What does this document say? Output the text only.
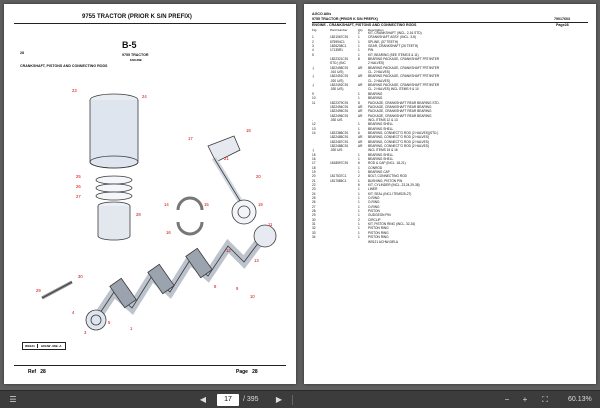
9755 TRACTOR (PRIOR K S/N PREFIX)
28
B-5
9755 TRACTOR
ENGINE
CRANKSHAFT, PISTONS AND CONNECTING RODS
23
24
25
26
27
28
29
30
17
18
19
20
21
14	15
16
12
13
1
3
4
8	9
10
11
5
W9121	ACHW -089- A
Ref 28	Page 28
AGCO Allis
9755 TRACTOR (PRIOR K S/N PREFIX)	79017603
ENGINE - CRANKSHAFT, PISTONS AND CONNECTING RODS	Page28
Fig.	Part Number	Qty Description
		1	KIT, CRANKSHAFT (INCL. 2-16 STD)
1	1821067C91	1	CRANKSHAFT ASSY. (INCL. 3-8)
2	675994C1	1	SPLINE, (57 TEETH)
3	1826208C1	1	GEAR, CRANKSHAFT (26 TEETH)
4	17135R1	1	PIN
5		1	KIT, BEARING (SEE ITEMS 8 & 11)
	1822321C91	8	BEARING PACKAGE, CRANKSHAFT FRT/INTER
	STD.) (INC		2 HALVES)
-|	1822498C91	AR	BEARING PACKAGE, CRANKSHAFT FRT/INTER
	.010 U/S)		CL. 2 HALVES)
-|	1822491C91	AR	BEARING PACKAGE, CRANKSHAFT FRT/INTER
	.020 U/S)		CL. 2 HALVES)
-|	1822492C91	AR	BEARING PACKAGE, CRANKSHAFT FRT/INTER
	.030 U/S)		CL. 2 HALVES) INCL ITEMS 9 & 10
9		1	BEARING
10		1	BEARING
11	1822379C91	8	PACKAGE, CRANKSHAFT REAR BEARING STD.
	1822494C91	AR	PACKAGE, CRANKSHAFT REAR BEARING

	1822495C91	AR	PACKAGE, CRANKSHAFT REAR BEARING

	1822496C91	AR	PACKAGE, CRANKSHAFT REAR BEARING
-	.030 U/S		INCL ITEMS 12 & 13
12		1	BEARING SHELL
13		1	BEARING SHELL
14	1822386C91	6	BEARING, CONNECT'G ROD (2 HALVES)(STD.)
	1822485C91	AR	BEARING, CONNECT'G ROD (2 HALVES)

	1822487C91	AR	BEARING, CONNECT'G ROD (2 HALVES)

	1822488C91	AR	BEARING, CONNECT'G ROD (2 HALVES)
-|	.030 U/S		INCL ITEMS 15 & 16
15		1	BEARING SHELL
16		1	BEARING SHELL
17	1818597C91	6	ROD & CAP (INCL. 18-21)
18		1	CONROD
19		1	BEARING CAP
20	1817537C1	2	BOLT, CONNECTING ROD
21	1817585C1	1	BUSHING, PISTON PIN
22		6	KIT, CYLINDER (INCL. 23,24,29-38)
23		1	LINER
24		1	KIT, SEAL (INCL ITEMS25-27)
25		1	O-RING
26		1	O-RING
27		1	O-RING
28		1	PISTON
29		1	GUDGEON PIN
30		2	CIRCLIP
31		1	KIT, PISTON RING (INCL. 32-34)
32		1	PISTON RING
33		1	PISTON RING
34		1	PISTON RING

			W9121 ACHW-089-A
☰	◀	17	/ 395	▶	−	+	⛶	60.13%
